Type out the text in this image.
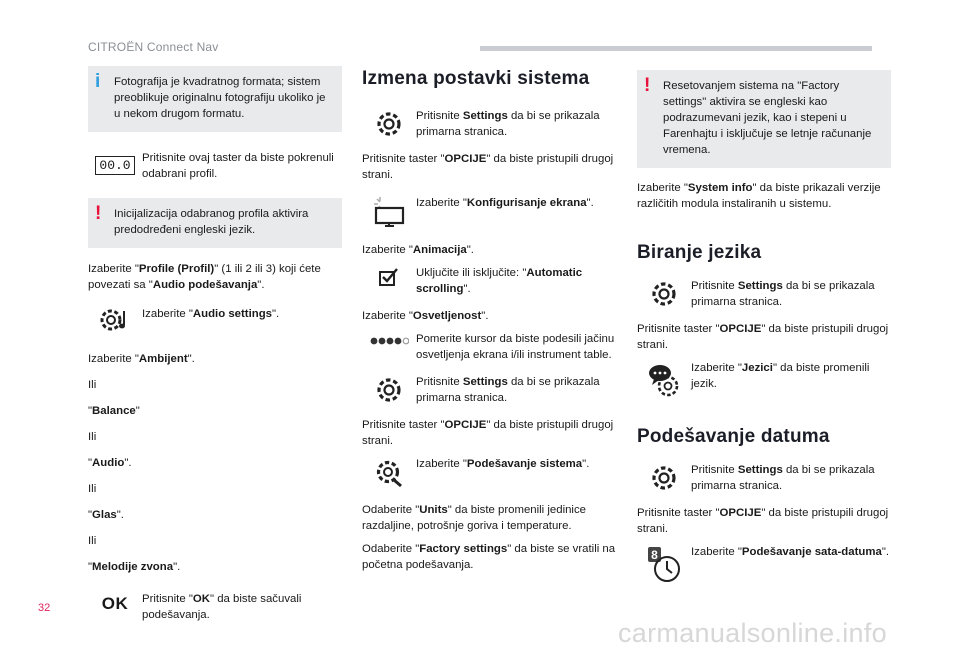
CITROËN Connect Nav
i Fotografija je kvadratnog formata; sistem preoblikuje originalnu fotografiju ukoliko je u nekom drugom formatu.
00.0 Pritisnite ovaj taster da biste pokrenuli odabrani profil.
! Inicijalizacija odabranog profila aktivira predodređeni engleski jezik.

Izaberite "Profile (Profil)" (1 ili 2 ili 3) koji ćete povezati sa "Audio podešavanja".

Izaberite "Audio settings".

Izaberite "Ambijent".

Ili

"Balance"

Ili

"Audio".

Ili

"Glas".

Ili

"Melodije zvona".

OK Pritisnite "OK" da biste sačuvali podešavanja.
Izmena postavki sistema
Pritisnite Settings da bi se prikazala primarna stranica.

Pritisnite taster "OPCIJE" da biste pristupili drugoj strani.

Izaberite "Konfigurisanje ekrana".

Izaberite "Animacija".

Uključite ili isključite: "Automatic scrolling".

Izaberite "Osvetljenost".

Pomerite kursor da biste podesili jačinu osvetljenja ekrana i/ili instrument table.
Pritisnite Settings da bi se prikazala primarna stranica.

Pritisnite taster "OPCIJE" da biste pristupili drugoj strani.

Izaberite "Podešavanje sistema".

Odaberite "Units" da biste promenili jedinice razdaljine, potrošnje goriva i temperature.

Odaberite "Factory settings" da biste se vratili na početna podešavanja.

! Resetovanjem sistema na "Factory settings" aktivira se engleski kao podrazumevani jezik, kao i stepeni u Farenhajtu i isključuje se letnje računanje vremena.

Izaberite "System info" da biste prikazali verzije različitih modula instaliranih u sistemu.

Biranje jezika
Pritisnite Settings da bi se prikazala primarna stranica.

Pritisnite taster "OPCIJE" da biste pristupili drugoj strani.

Izaberite "Jezici" da biste promenili jezik.
Podešavanje datuma
Pritisnite Settings da bi se prikazala primarna stranica.

Pritisnite taster "OPCIJE" da biste pristupili drugoj strani.

8	Izaberite "Podešavanje sata-datuma".
32
carmanualsonline.info
